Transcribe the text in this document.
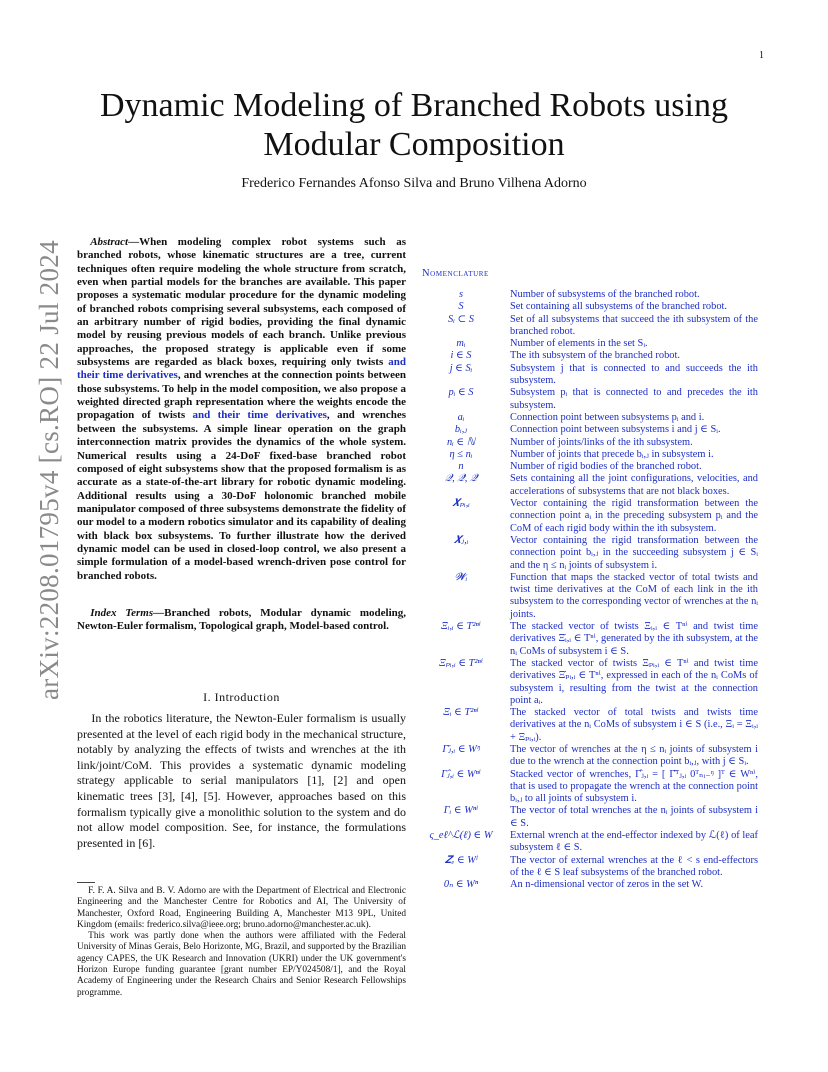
1
arXiv:2208.01795v4 [cs.RO] 22 Jul 2024
Dynamic Modeling of Branched Robots using Modular Composition
Frederico Fernandes Afonso Silva and Bruno Vilhena Adorno

Abstract—When modeling complex robot systems such as branched robots, whose kinematic structures are a tree, current techniques often require modeling the whole structure from scratch, even when partial models for the branches are available. This paper proposes a systematic modular procedure for the dynamic modeling of branched robots comprising several subsystems, each composed of an arbitrary number of rigid bodies, providing the final dynamic model by reusing previous models of each branch. Unlike previous approaches, the proposed strategy is applicable even if some subsystems are regarded as black boxes, requiring only twists and their time derivatives, and wrenches at the connection points between those subsystems. To help in the model composition, we also propose a weighted directed graph representation where the weights encode the propagation of twists and their time derivatives, and wrenches between the subsystems. A simple linear operation on the graph interconnection matrix provides the dynamics of the whole system. Numerical results using a 24-DoF fixed-base branched robot composed of eight subsystems show that the proposed formalism is as accurate as a state-of-the-art library for robotic dynamic modeling. Additional results using a 30-DoF holonomic branched mobile manipulator composed of three subsystems demonstrate the fidelity of our model to a modern robotics simulator and its capability of dealing with black box subsystems. To further illustrate how the derived dynamic model can be used in closed-loop control, we also present a simple formulation of a model-based wrench-driven pose control for branched robots.

Index Terms—Branched robots, Modular dynamic modeling, Newton-Euler formalism, Topological graph, Model-based control.

I. Introduction

In the robotics literature, the Newton-Euler formalism is usually presented at the level of each rigid body in the mechanical structure, notably by analyzing the effects of twists and wrenches at the ith link/joint/CoM. This provides a systematic dynamic modeling strategy applicable to serial manipulators [1], [2] and open kinematic trees [3], [4], [5]. However, approaches based on this formalism typically give a monolithic solution to the system and do not allow model composition. See, for instance, the formulations presented in [6].

F. F. A. Silva and B. V. Adorno are with the Department of Electrical and Electronic Engineering and the Manchester Centre for Robotics and AI, The University of Manchester, Oxford Road, Engineering Building A, Manchester M13 9PL, United Kingdom (emails: frederico.silva@ieee.org; bruno.adorno@manchester.ac.uk).

This work was partly done when the authors were affiliated with the Federal University of Minas Gerais, Belo Horizonte, MG, Brazil, and supported by the Brazilian agency CAPES, the UK Research and Innovation (UKRI) under the UK government's Horizon Europe funding guarantee [grant number EP/Y024508/1], and the Royal Academy of Engineering under the Research Chairs and Senior Research Fellowships programme.

Nomenclature
s	Number of subsystems of the branched robot.
S	Set containing all subsystems of the branched robot.
Sᵢ ⊂ S	Set of all subsystems that succeed the ith subsystem of the branched robot.
mᵢ	Number of elements in the set Sᵢ.
i ∈ S	The ith subsystem of the branched robot.
j ∈ Sᵢ	Subsystem j that is connected to and succeeds the ith subsystem.
pᵢ ∈ S	Subsystem pᵢ that is connected to and precedes the ith subsystem.
aᵢ	Connection point between subsystems pᵢ and i.
bᵢ,ⱼ	Connection point between subsystems i and j ∈ Sᵢ.
nᵢ ∈ ℕ	Number of joints/links of the ith subsystem.
η ≤ nᵢ	Number of joints that precede bᵢ,ⱼ in subsystem i.
n	Number of rigid bodies of the branched robot.
𝒬, 𝒬̇, 𝒬̈	Sets containing all the joint configurations, velocities, and accelerations of subsystems that are not black boxes.
𝑿ₚᵢ,ᵢ	Vector containing the rigid transformation between the connection point aᵢ in the preceding subsystem pᵢ and the CoM of each rigid body within the ith subsystem.
𝑿ⱼ,ᵢ	Vector containing the rigid transformation between the connection point bᵢ,ⱼ in the succeeding subsystem j ∈ Sᵢ and the η ≤ nᵢ joints of subsystem i.
𝓦ᵢ	Function that maps the stacked vector of total twists and twist time derivatives at the CoM of each link in the ith subsystem to the corresponding vector of wrenches at the nᵢ joints.
Ξᵢ,ᵢ ∈ T²ⁿⁱ	The stacked vector of twists Ξᵢ,ᵢ ∈ Tⁿⁱ and twist time derivatives Ξ̇ᵢ,ᵢ ∈ Tⁿⁱ, generated by the ith subsystem, at the nᵢ CoMs of subsystem i ∈ S.
Ξₚᵢ,ᵢ ∈ T²ⁿⁱ	The stacked vector of twists Ξₚᵢ,ᵢ ∈ Tⁿⁱ and twist time derivatives Ξ̇ₚᵢ,ᵢ ∈ Tⁿⁱ, expressed in each of the nᵢ CoMs of subsystem i, resulting from the twist at the connection point aᵢ.
Ξᵢ ∈ T²ⁿⁱ	The stacked vector of total twists and twists time derivatives at the nᵢ CoMs of subsystem i ∈ S (i.e., Ξᵢ = Ξᵢ,ᵢ + Ξₚᵢ,ᵢ).
Γ̄ⱼ,ᵢ ∈ Wᵑ	The vector of wrenches at the η ≤ nᵢ joints of subsystem i due to the wrench at the connection point bᵢ,ⱼ, with j ∈ Sᵢ.
Γ̂ⱼ,ᵢ ∈ Wⁿⁱ	Stacked vector of wrenches, Γ̂ⱼ,ᵢ = [ Γ̄ᵀⱼ,ᵢ 0ᵀₙᵢ₋ᵑ ]ᵀ ∈ Wⁿⁱ, that is used to propagate the wrench at the connection point bᵢ,ⱼ to all joints of subsystem i.
Γᵢ ∈ Wⁿⁱ	The vector of total wrenches at the nᵢ joints of subsystem i ∈ S.
ς_eℓ^ℒ(ℓ) ∈ W	External wrench at the end-effector indexed by ℒ(ℓ) of leaf subsystem ℓ ∈ S.
𝒁ₑ ∈ Wˡ	The vector of external wrenches at the ℓ < s end-effectors of the ℓ ∈ S leaf subsystems of the branched robot.
0ₙ ∈ Wⁿ	An n-dimensional vector of zeros in the set W.
